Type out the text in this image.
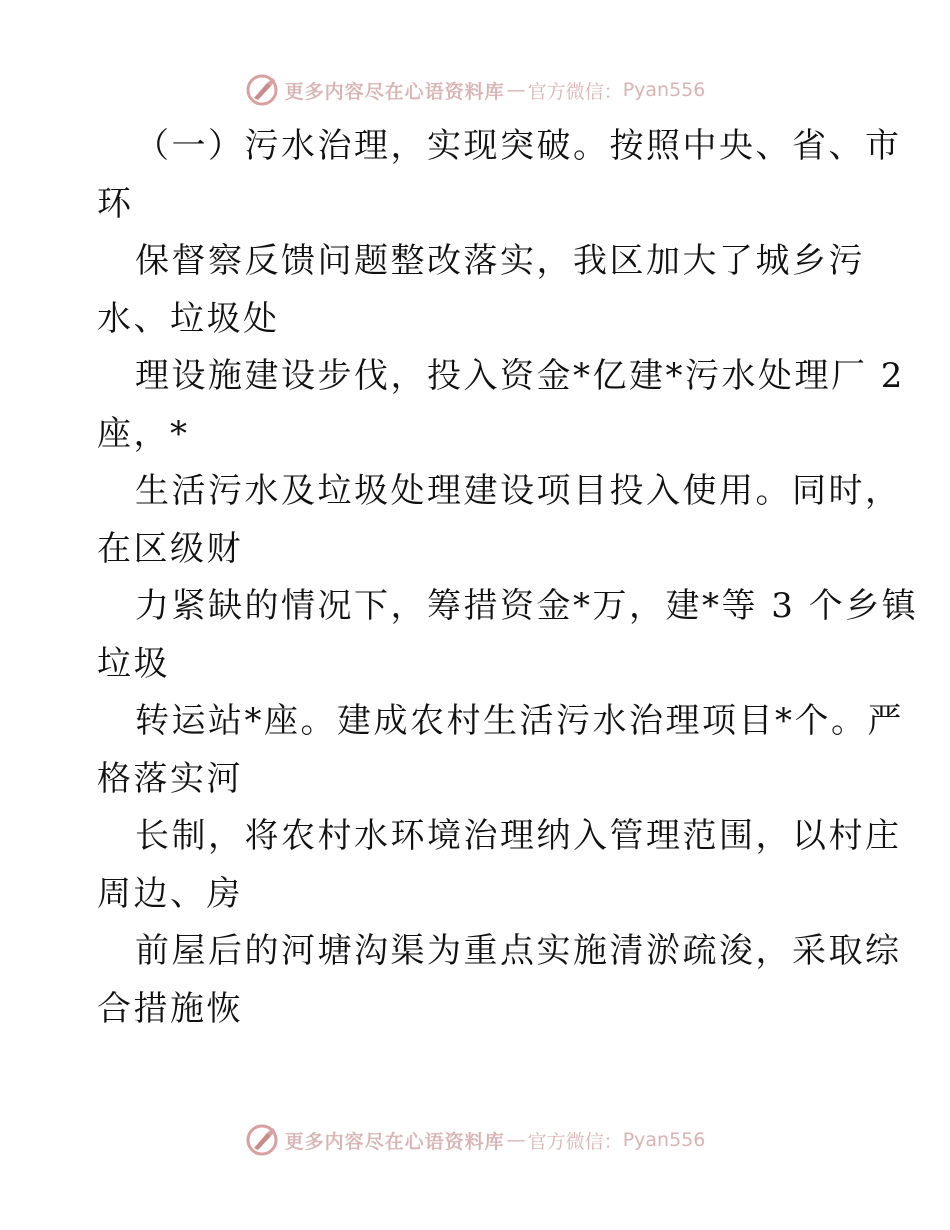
更多内容尽在心语资料库 — 官方微信： Pyan556
（一）污水治理，实现突破。按照中央、省、市
环
保督察反馈问题整改落实，我区加大了城乡污
水、垃圾处
理设施建设步伐，投入资金*亿建*污水处理厂 2
座，*
生活污水及垃圾处理建设项目投入使用。同时，
在区级财
力紧缺的情况下，筹措资金*万，建*等 3 个乡镇
垃圾
转运站*座。建成农村生活污水治理项目*个。严
格落实河
长制，将农村水环境治理纳入管理范围，以村庄
周边、房
前屋后的河塘沟渠为重点实施清淤疏浚，采取综
合措施恢
更多内容尽在心语资料库 — 官方微信： Pyan556
